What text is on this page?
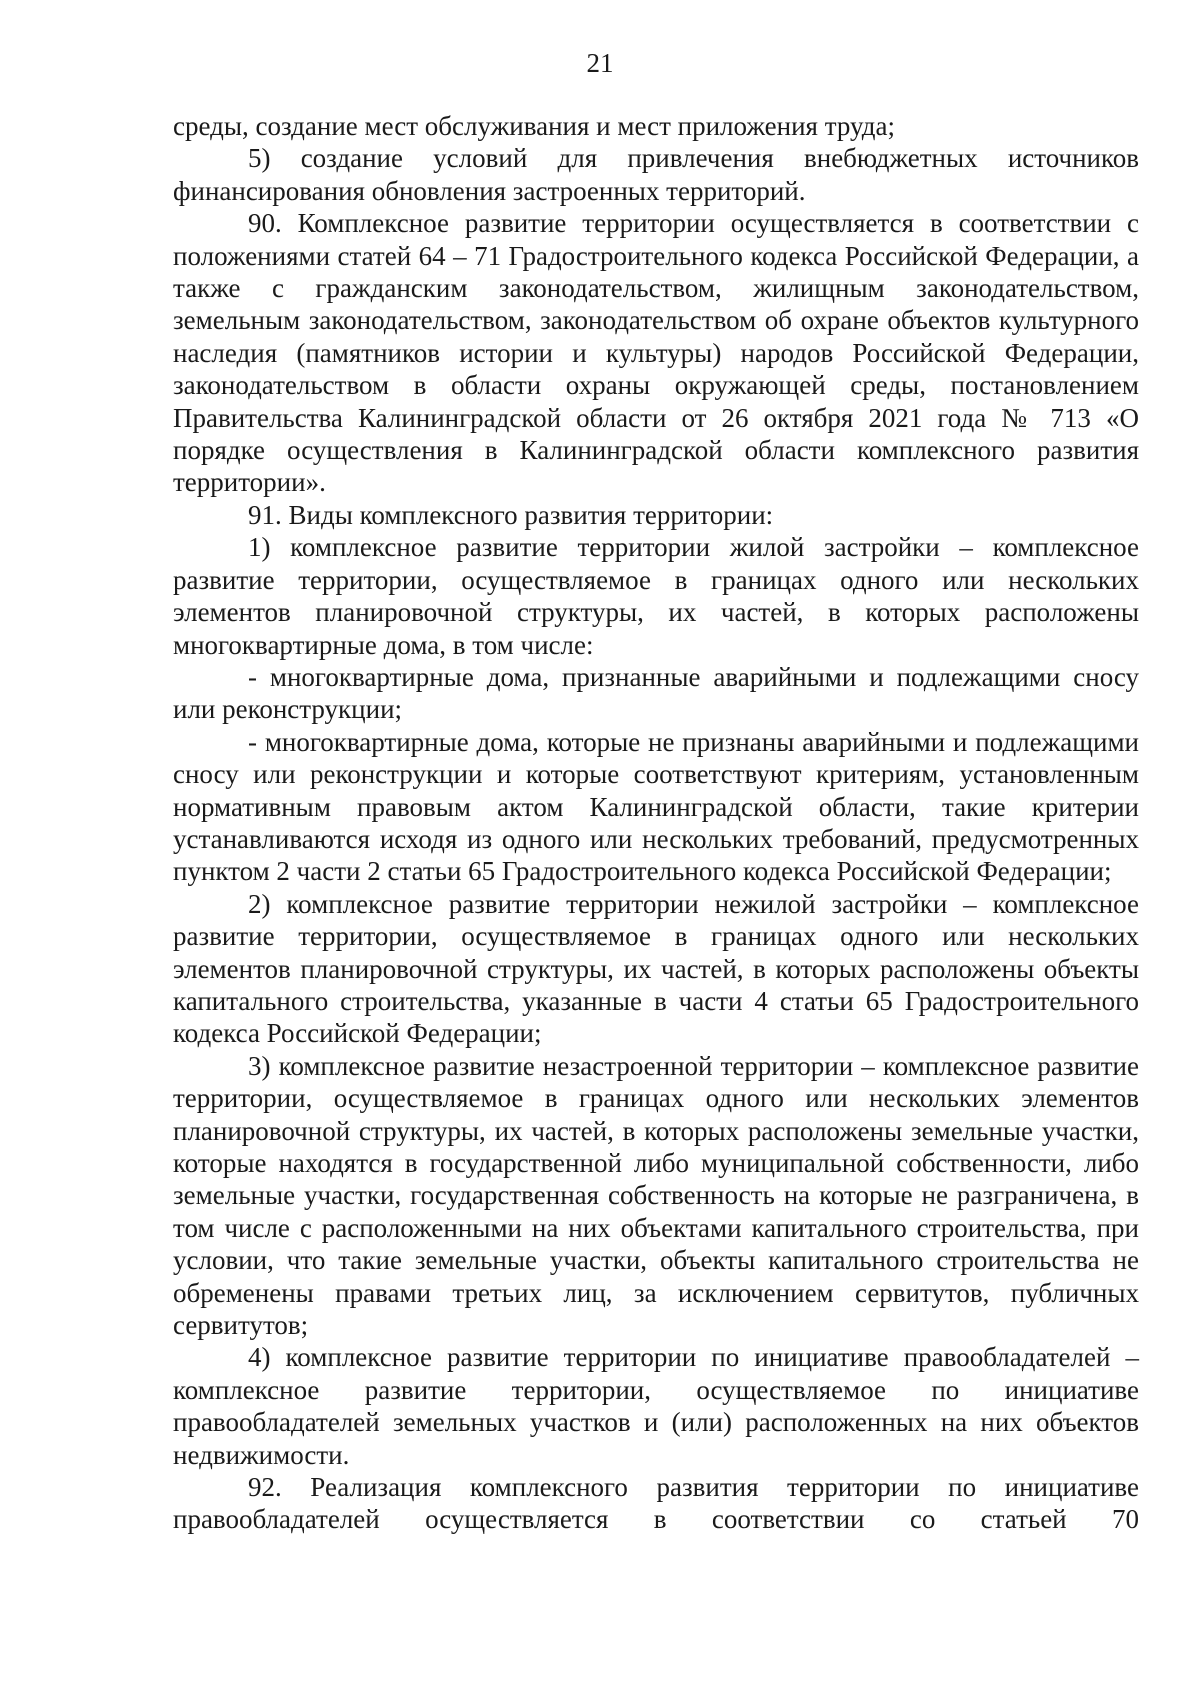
21

среды, создание мест обслуживания и мест приложения труда;

5) создание условий для привлечения внебюджетных источников финансирования обновления застроенных территорий.

90. Комплексное развитие территории осуществляется в соответствии с положениями статей 64 – 71 Градостроительного кодекса Российской Федерации, а также с гражданским законодательством, жилищным законодательством, земельным законодательством, законодательством об охране объектов культурного наследия (памятников истории и культуры) народов Российской Федерации, законодательством в области охраны окружающей среды, постановлением Правительства Калининградской области от 26 октября 2021 года № 713 «О порядке осуществления в Калининградской области комплексного развития территории».

91. Виды комплексного развития территории:

1) комплексное развитие территории жилой застройки – комплексное развитие территории, осуществляемое в границах одного или нескольких элементов планировочной структуры, их частей, в которых расположены многоквартирные дома, в том числе:

- многоквартирные дома, признанные аварийными и подлежащими сносу или реконструкции;

- многоквартирные дома, которые не признаны аварийными и подлежащими сносу или реконструкции и которые соответствуют критериям, установленным нормативным правовым актом Калининградской области, такие критерии устанавливаются исходя из одного или нескольких требований, предусмотренных пунктом 2 части 2 статьи 65 Градостроительного кодекса Российской Федерации;

2) комплексное развитие территории нежилой застройки – комплексное развитие территории, осуществляемое в границах одного или нескольких элементов планировочной структуры, их частей, в которых расположены объекты капитального строительства, указанные в части 4 статьи 65 Градостроительного кодекса Российской Федерации;

3) комплексное развитие незастроенной территории – комплексное развитие территории, осуществляемое в границах одного или нескольких элементов планировочной структуры, их частей, в которых расположены земельные участки, которые находятся в государственной либо муниципальной собственности, либо земельные участки, государственная собственность на которые не разграничена, в том числе с расположенными на них объектами капитального строительства, при условии, что такие земельные участки, объекты капитального строительства не обременены правами третьих лиц, за исключением сервитутов, публичных сервитутов;

4) комплексное развитие территории по инициативе правообладателей – комплексное развитие территории, осуществляемое по инициативе правообладателей земельных участков и (или) расположенных на них объектов недвижимости.

92. Реализация комплексного развития территории по инициативе правообладателей осуществляется в соответствии со статьей 70
